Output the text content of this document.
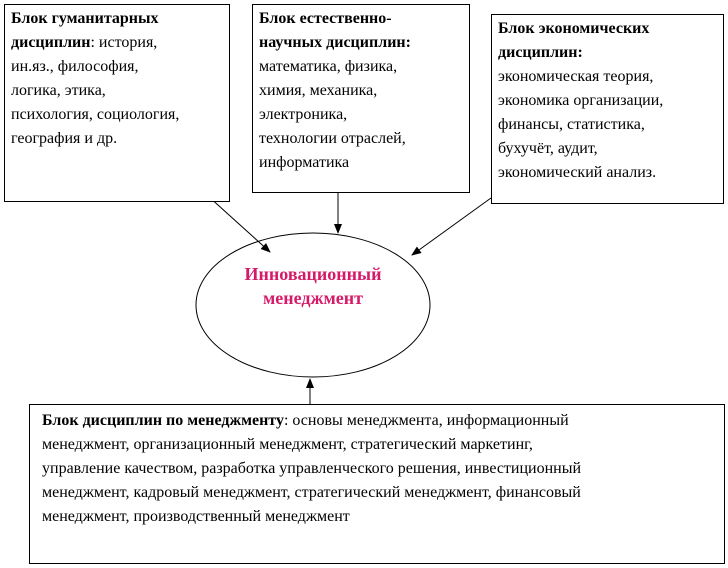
Инновационный
менеджмент
Блок гуманитарных
дисциплин: история,
ин.яз., философия,
логика, этика,
психология, социология,
география и др.
Блок естественно-
научных дисциплин:
математика, физика,
химия, механика,
электроника,
технологии отраслей,
информатика
Блок экономических
дисциплин:
экономическая теория,
экономика организации,
финансы, статистика,
бухучёт, аудит,
экономический анализ.
Блок дисциплин по менеджменту: основы менеджмента, информационный
менеджмент, организационный менеджмент, стратегический маркетинг,
управление качеством, разработка управленческого решения, инвестиционный
менеджмент, кадровый менеджмент, стратегический менеджмент, финансовый
менеджмент, производственный менеджмент
